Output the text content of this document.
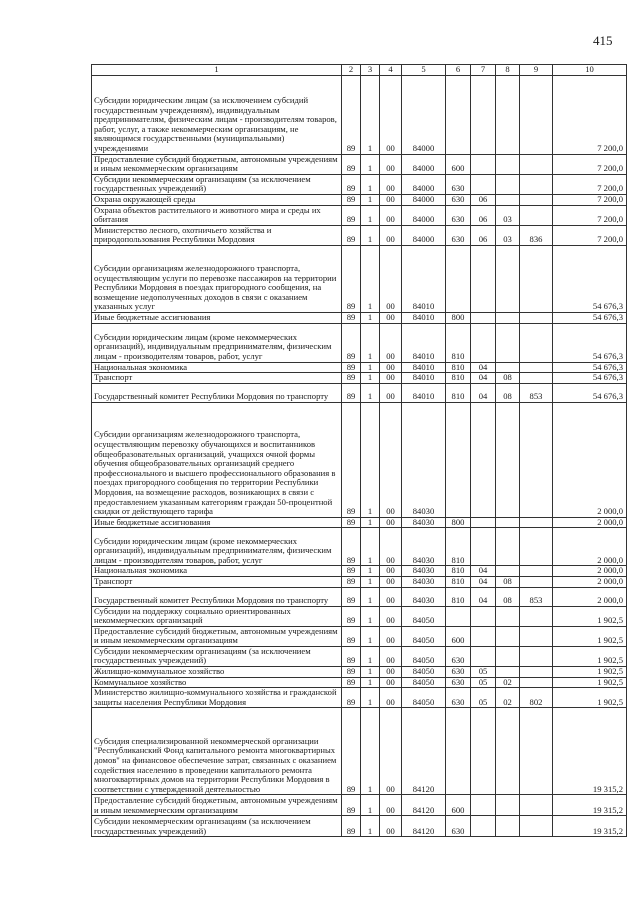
415
1	2	3	4	5	6	7	8	9	10
Субсидии юридическим лицам (за исключением субсидий государственным учреждениям), индивидуальным предпринимателям, физическим лицам - производителям товаров, работ, услуг, а также некоммерческим организациям, не являющимся государственными (муниципальными) учреждениями	89	1	00	84000					7 200,0
Предоставление субсидий бюджетным, автономным учреждениям и иным некоммерческим организациям	89	1	00	84000	600				7 200,0
Субсидии некоммерческим организациям (за исключением государственных учреждений)	89	1	00	84000	630				7 200,0
Охрана окружающей среды	89	1	00	84000	630	06			7 200,0
Охрана объектов растительного и животного мира и среды их обитания	89	1	00	84000	630	06	03		7 200,0
Министерство лесного, охотничьего хозяйства и природопользования Республики Мордовия	89	1	00	84000	630	06	03	836	7 200,0
Субсидии организациям железнодорожного транспорта, осуществляющим услуги по перевозке пассажиров на территории Республики Мордовия в поездах пригородного сообщения, на возмещение недополученных доходов в связи с оказанием указанных услуг	89	1	00	84010					54 676,3
Иные бюджетные ассигнования	89	1	00	84010	800				54 676,3
Субсидии юридическим лицам (кроме некоммерческих организаций), индивидуальным предпринимателям, физическим лицам - производителям товаров, работ, услуг	89	1	00	84010	810				54 676,3
Национальная экономика	89	1	00	84010	810	04			54 676,3
Транспорт	89	1	00	84010	810	04	08		54 676,3
Государственный комитет Республики Мордовия по транспорту	89	1	00	84010	810	04	08	853	54 676,3
Субсидии организациям железнодорожного транспорта, осуществляющим перевозку обучающихся и воспитанников общеобразовательных организаций, учащихся очной формы обучения общеобразовательных организаций среднего профессионального и высшего профессионального образования в поездах пригородного сообщения по территории Республики Мордовия, на возмещение расходов, возникающих в связи с предоставлением указанным категориям граждан 50-процентной скидки от действующего тарифа	89	1	00	84030					2 000,0
Иные бюджетные ассигнования	89	1	00	84030	800				2 000,0
Субсидии юридическим лицам (кроме некоммерческих организаций), индивидуальным предпринимателям, физическим лицам - производителям товаров, работ, услуг	89	1	00	84030	810				2 000,0
Национальная экономика	89	1	00	84030	810	04			2 000,0
Транспорт	89	1	00	84030	810	04	08		2 000,0
Государственный комитет Республики Мордовия по транспорту	89	1	00	84030	810	04	08	853	2 000,0
Субсидии на поддержку социально ориентированных некоммерческих организаций	89	1	00	84050					1 902,5
Предоставление субсидий бюджетным, автономным учреждениям и иным некоммерческим организациям	89	1	00	84050	600				1 902,5
Субсидии некоммерческим организациям (за исключением государственных учреждений)	89	1	00	84050	630				1 902,5
Жилищно-коммунальное хозяйство	89	1	00	84050	630	05			1 902,5
Коммунальное хозяйство	89	1	00	84050	630	05	02		1 902,5
Министерство жилищно-коммунального хозяйства и гражданской защиты населения Республики Мордовия	89	1	00	84050	630	05	02	802	1 902,5
Субсидия специализированной некоммерческой организации "Республиканский Фонд капитального ремонта многоквартирных домов" на финансовое обеспечение затрат, связанных с оказанием содействия населению в проведении капитального ремонта многоквартирных домов на территории Республики Мордовия в соответствии с утвержденной деятельностью	89	1	00	84120					19 315,2
Предоставление субсидий бюджетным, автономным учреждениям и иным некоммерческим организациям	89	1	00	84120	600				19 315,2
Субсидии некоммерческим организациям (за исключением государственных учреждений)	89	1	00	84120	630				19 315,2
